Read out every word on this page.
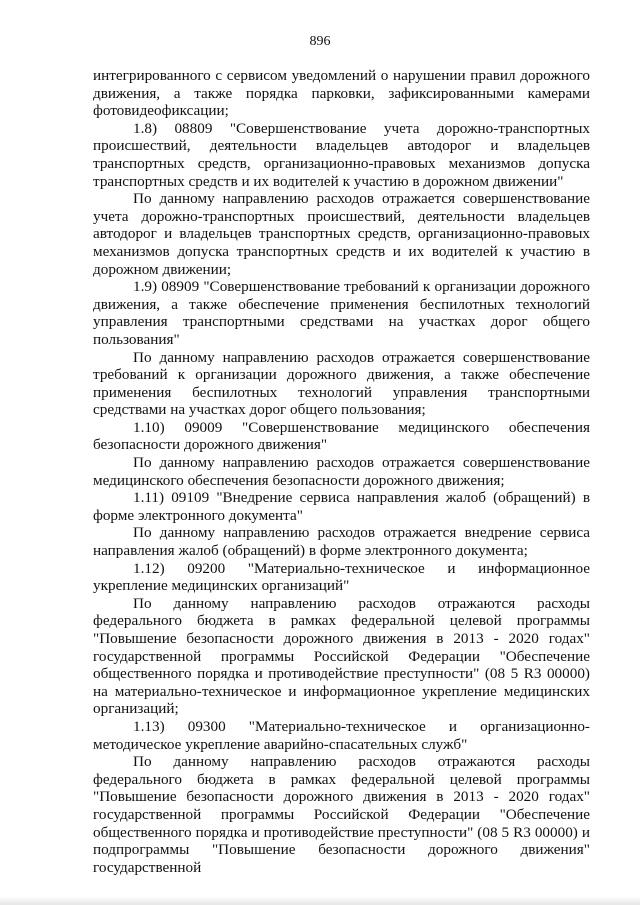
896

интегрированного с сервисом уведомлений о нарушении правил дорожного движения, а также порядка парковки, зафиксированными камерами фотовидеофиксации;

1.8) 08809 "Совершенствование учета дорожно-транспортных происшествий, деятельности владельцев автодорог и владельцев транспортных средств, организационно-правовых механизмов допуска транспортных средств и их водителей к участию в дорожном движении"

По данному направлению расходов отражается совершенствование учета дорожно-транспортных происшествий, деятельности владельцев автодорог и владельцев транспортных средств, организационно-правовых механизмов допуска транспортных средств и их водителей к участию в дорожном движении;

1.9) 08909 "Совершенствование требований к организации дорожного движения, а также обеспечение применения беспилотных технологий управления транспортными средствами на участках дорог общего пользования"

По данному направлению расходов отражается совершенствование требований к организации дорожного движения, а также обеспечение применения беспилотных технологий управления транспортными средствами на участках дорог общего пользования;

1.10) 09009 "Совершенствование медицинского обеспечения безопасности дорожного движения"

По данному направлению расходов отражается совершенствование медицинского обеспечения безопасности дорожного движения;

1.11) 09109 "Внедрение сервиса направления жалоб (обращений) в форме электронного документа"

По данному направлению расходов отражается внедрение сервиса направления жалоб (обращений) в форме электронного документа;

1.12) 09200 "Материально-техническое и информационное укрепление медицинских организаций"

По данному направлению расходов отражаются расходы федерального бюджета в рамках федеральной целевой программы "Повышение безопасности дорожного движения в 2013 - 2020 годах" государственной программы Российской Федерации "Обеспечение общественного порядка и противодействие преступности" (08 5 R3 00000) на материально-техническое и информационное укрепление медицинских организаций;

1.13) 09300 "Материально-техническое и организационно-методическое укрепление аварийно-спасательных служб"

По данному направлению расходов отражаются расходы федерального бюджета в рамках федеральной целевой программы "Повышение безопасности дорожного движения в 2013 - 2020 годах" государственной программы Российской Федерации "Обеспечение общественного порядка и противодействие преступности" (08 5 R3 00000) и подпрограммы "Повышение безопасности дорожного движения" государственной
